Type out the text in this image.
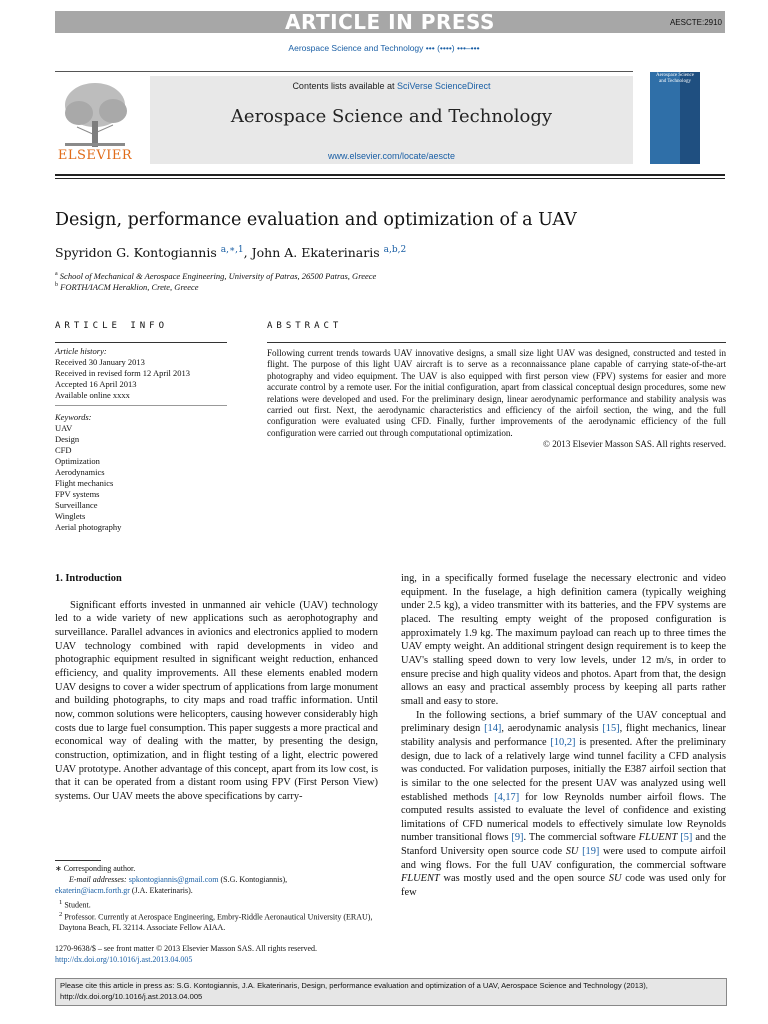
ARTICLE IN PRESS	AESCTE:2910
Aerospace Science and Technology ••• (••••) •••–•••
ELSEVIER
Contents lists available at SciVerse ScienceDirect
Aerospace Science and Technology
www.elsevier.com/locate/aescte
Aerospace Science and Technology
Design, performance evaluation and optimization of a UAV
Spyridon G. Kontogiannis $^{a,∗,1}$, John A. Ekaterinaris $^{a,b,2}$
$^a$ School of Mechanical & Aerospace Engineering, University of Patras, 26500 Patras, Greece
$^b$ FORTH/IACM Heraklion, Crete, Greece
ARTICLE INFO
Article history:
Received 30 January 2013
Received in revised form 12 April 2013
Accepted 16 April 2013
Available online xxxx
Keywords:
UAV
Design
CFD
Optimization
Aerodynamics
Flight mechanics
FPV systems
Surveillance
Winglets
Aerial photography
ABSTRACT
Following current trends towards UAV innovative designs, a small size light UAV was designed, constructed and tested in flight. The purpose of this light UAV aircraft is to serve as a reconnaissance plane capable of carrying state-of-the-art photography and video equipment. The UAV is also equipped with first person view (FPV) systems for easier and more accurate control by a remote user. For the initial configuration, apart from classical conceptual design procedures, some new relations were developed and used. For the preliminary design, linear aerodynamic performance and stability analysis was carried out first. Next, the aerodynamic characteristics and efficiency of the airfoil section, the wing, and the full configuration were evaluated using CFD. Finally, further improvements of the aerodynamic efficiency of the full configuration were carried out through computational optimization.
© 2013 Elsevier Masson SAS. All rights reserved.

1. Introduction

Significant efforts invested in unmanned air vehicle (UAV) technology led to a wide variety of new applications such as aerophotography and surveillance. Parallel advances in avionics and electronics applied to modern UAV technology combined with rapid developments in video and photographic equipment resulted in significant weight reduction, enhanced efficiency, and quality improvements. All these elements enabled modern UAV designs to cover a wider spectrum of applications from large monument and building photographs, to city maps and road traffic information. Until now, common solutions were helicopters, causing however considerably high costs due to large fuel consumption. This paper suggests a more practical and economical way of dealing with the matter, by presenting the design, construction, optimization, and in flight testing of a light, electric powered UAV prototype. Another advantage of this concept, apart from its low cost, is that it can be operated from a distant room using FPV (First Person View) systems. Our UAV meets the above specifications by carry-

ing, in a specifically formed fuselage the necessary electronic and video equipment. In the fuselage, a high definition camera (typically weighing under 2.5 kg), a video transmitter with its batteries, and the FPV systems are placed. The resulting empty weight of the proposed configuration is approximately 1.9 kg. The maximum payload can reach up to three times the UAV empty weight. An additional stringent design requirement is to keep the UAV's stalling speed down to very low levels, under 12 m/s, in order to ensure precise and high quality videos and photos. Apart from that, the design allows an easy and practical assembly process by keeping all parts rather small and easy to store.

In the following sections, a brief summary of the UAV conceptual and preliminary design [14], aerodynamic analysis [15], flight mechanics, linear stability analysis and performance [10,2] is presented. After the preliminary design, due to lack of a relatively large wind tunnel facility a CFD analysis was conducted. For validation purposes, initially the E387 airfoil section that is similar to the one selected for the present UAV was analyzed using well established methods [4,17] for low Reynolds number airfoil flows. The computed results assisted to evaluate the level of confidence and existing limitations of CFD numerical models to effectively simulate low Reynolds number transitional flows [9]. The commercial software FLUENT [5] and the Stanford University open source code SU [19] were used to compute airfoil and wing flows. For the full UAV configuration, the commercial software FLUENT was mostly used and the open source SU code was used only for few

∗ Corresponding author.
E-mail addresses: spkontogiannis@gmail.com (S.G. Kontogiannis),
ekaterin@iacm.forth.gr (J.A. Ekaterinaris).
$^1$ Student.
$^2$ Professor. Currently at Aerospace Engineering, Embry-Riddle Aeronautical University (ERAU), Daytona Beach, FL 32114. Associate Fellow AIAA.
1270-9638/$ – see front matter © 2013 Elsevier Masson SAS. All rights reserved.
http://dx.doi.org/10.1016/j.ast.2013.04.005
Please cite this article in press as: S.G. Kontogiannis, J.A. Ekaterinaris, Design, performance evaluation and optimization of a UAV, Aerospace Science and Technology (2013), http://dx.doi.org/10.1016/j.ast.2013.04.005
